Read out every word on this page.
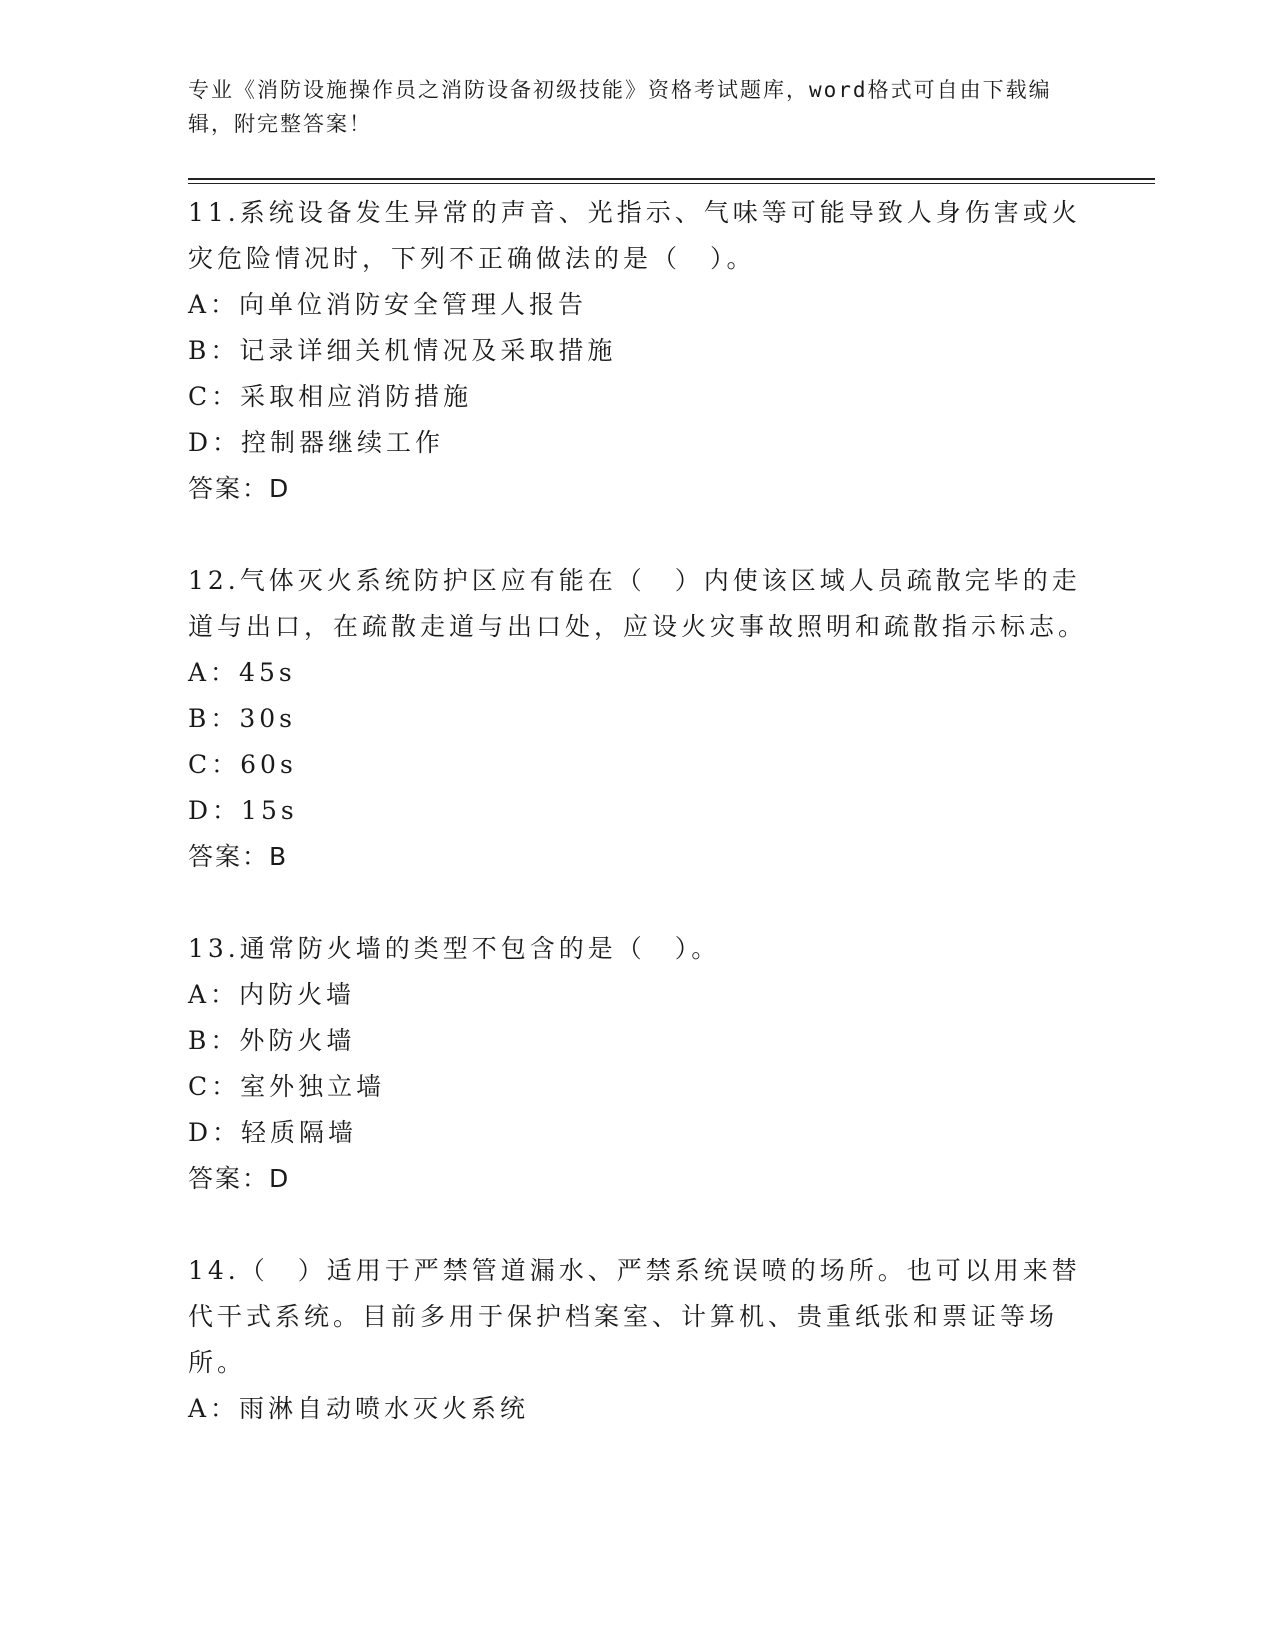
专业《消防设施操作员之消防设备初级技能》资格考试题库，word格式可自由下载编辑，附完整答案！

11.系统设备发生异常的声音、光指示、气味等可能导致人身伤害或火灾危险情况时，下列不正确做法的是（　）。

A：向单位消防安全管理人报告

B：记录详细关机情况及采取措施

C：采取相应消防措施

D：控制器继续工作

答案：D

12.气体灭火系统防护区应有能在（　）内使该区域人员疏散完毕的走道与出口，在疏散走道与出口处，应设火灾事故照明和疏散指示标志。

A：45s

B：30s

C：60s

D：15s

答案：B

13.通常防火墙的类型不包含的是（　）。

A：内防火墙

B：外防火墙

C：室外独立墙

D：轻质隔墙

答案：D

14.（　）适用于严禁管道漏水、严禁系统误喷的场所。也可以用来替代干式系统。目前多用于保护档案室、计算机、贵重纸张和票证等场所。

A：雨淋自动喷水灭火系统
